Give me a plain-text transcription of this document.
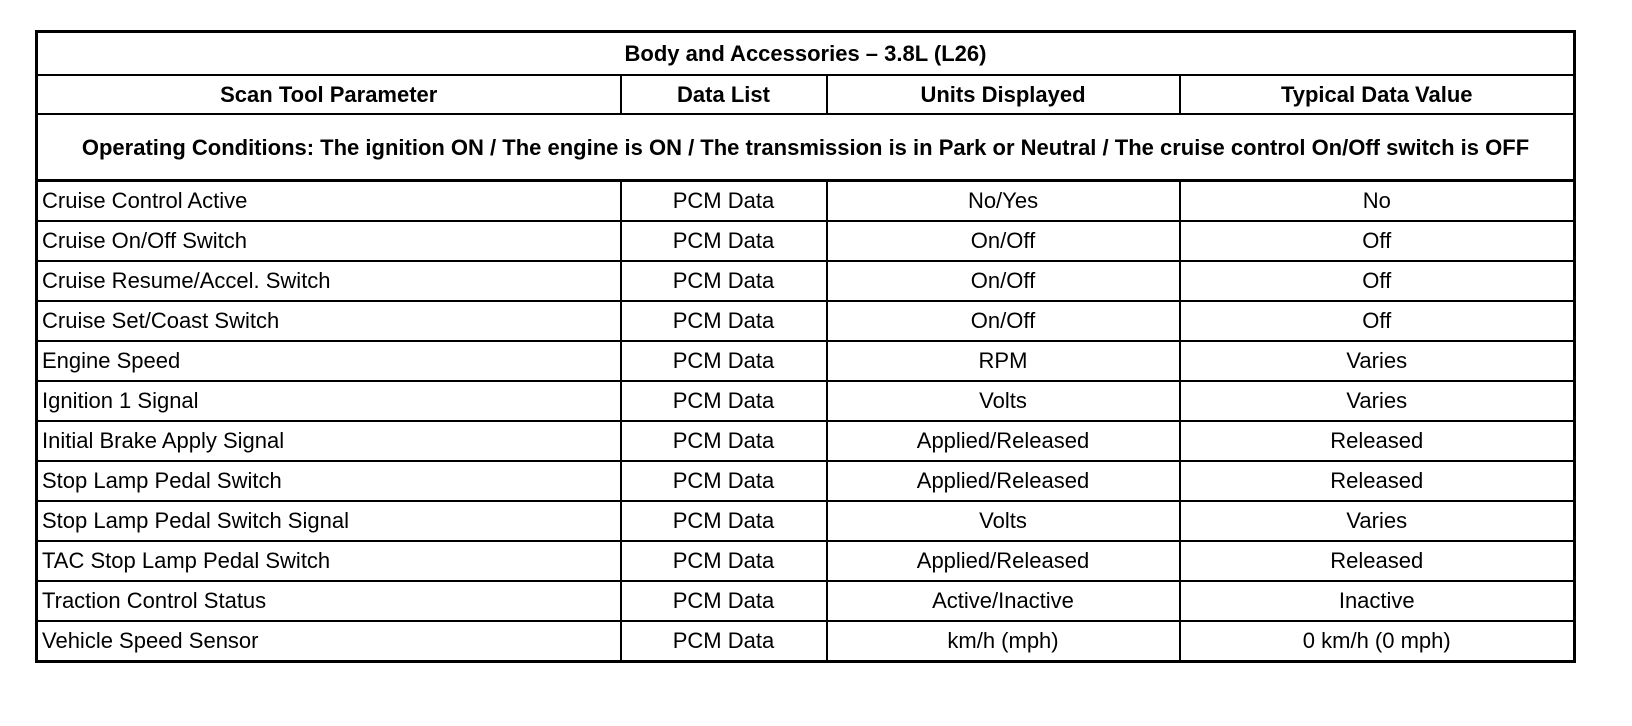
Body and Accessories – 3.8L (L26)			
Scan Tool Parameter	Data List	Units Displayed	Typical Data Value
Operating Conditions: The ignition ON / The engine is ON / The transmission is in Park or Neutral / The cruise control On/Off switch is OFF			
Cruise Control Active	PCM Data	No/Yes	No
Cruise On/Off Switch	PCM Data	On/Off	Off
Cruise Resume/Accel. Switch	PCM Data	On/Off	Off
Cruise Set/Coast Switch	PCM Data	On/Off	Off
Engine Speed	PCM Data	RPM	Varies
Ignition 1 Signal	PCM Data	Volts	Varies
Initial Brake Apply Signal	PCM Data	Applied/Released	Released
Stop Lamp Pedal Switch	PCM Data	Applied/Released	Released
Stop Lamp Pedal Switch Signal	PCM Data	Volts	Varies
TAC Stop Lamp Pedal Switch	PCM Data	Applied/Released	Released
Traction Control Status	PCM Data	Active/Inactive	Inactive
Vehicle Speed Sensor	PCM Data	km/h (mph)	0 km/h (0 mph)
